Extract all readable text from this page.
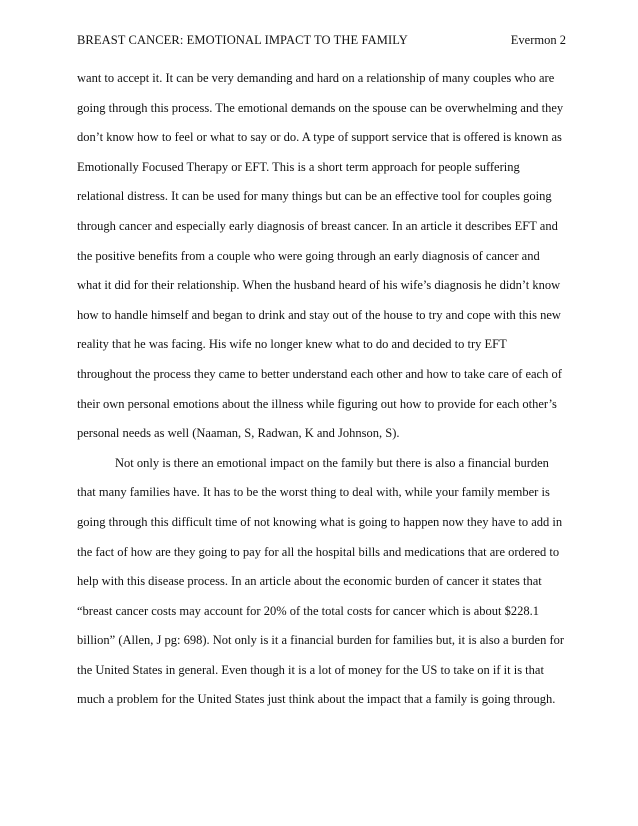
BREAST CANCER: EMOTIONAL IMPACT TO THE FAMILY	Evermon 2
want to accept it. It can be very demanding and hard on a relationship of many couples who are
going through this process. The emotional demands on the spouse can be overwhelming and they
don’t know how to feel or what to say or do. A type of support service that is offered is known as
Emotionally Focused Therapy or EFT. This is a short term approach for people suffering
relational distress. It can be used for many things but can be an effective tool for couples going
through cancer and especially early diagnosis of breast cancer. In an article it describes EFT and
the positive benefits from a couple who were going through an early diagnosis of cancer and
what it did for their relationship. When the husband heard of his wife’s diagnosis he didn’t know
how to handle himself and began to drink and stay out of the house to try and cope with this new
reality that he was facing. His wife no longer knew what to do and decided to try EFT
throughout the process they came to better understand each other and how to take care of each of
their own personal emotions about the illness while figuring out how to provide for each other’s
personal needs as well (Naaman, S, Radwan, K and Johnson, S).
Not only is there an emotional impact on the family but there is also a financial burden
that many families have. It has to be the worst thing to deal with, while your family member is
going through this difficult time of not knowing what is going to happen now they have to add in
the fact of how are they going to pay for all the hospital bills and medications that are ordered to
help with this disease process. In an article about the economic burden of cancer it states that
“breast cancer costs may account for 20% of the total costs for cancer which is about $228.1
billion” (Allen, J pg: 698). Not only is it a financial burden for families but, it is also a burden for
the United States in general. Even though it is a lot of money for the US to take on if it is that
much a problem for the United States just think about the impact that a family is going through.
